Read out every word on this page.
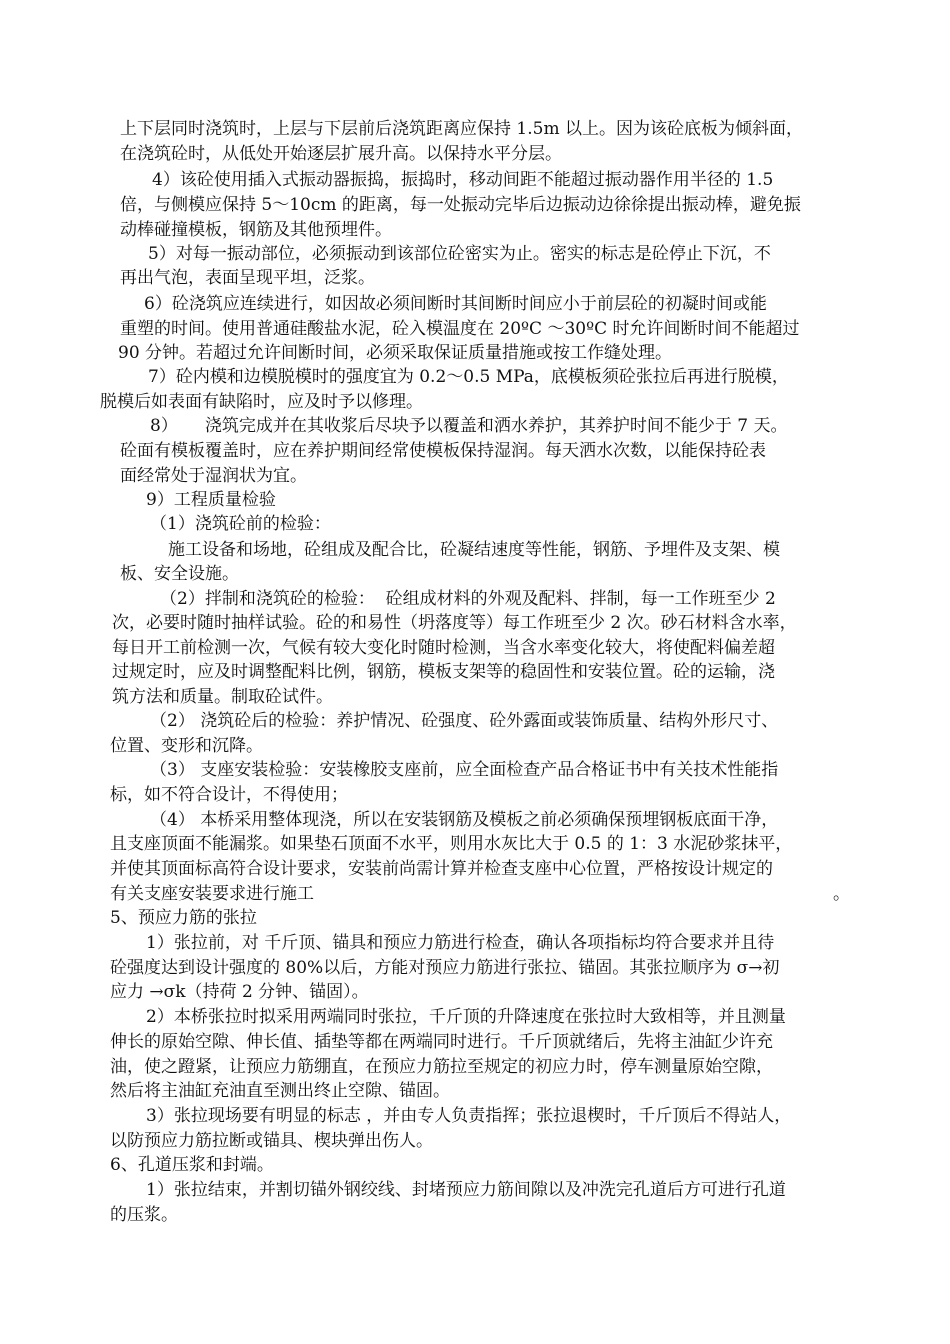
上下层同时浇筑时，上层与下层前后浇筑距离应保持 1.5m 以上。因为该砼底板为倾斜面，
在浇筑砼时，从低处开始逐层扩展升高。以保持水平分层。
4）该砼使用插入式振动器振捣，振捣时，移动间距不能超过振动器作用半径的 1.5
倍，与侧模应保持 5～10cm 的距离，每一处振动完毕后边振动边徐徐提出振动棒，避免振
动棒碰撞模板，钢筋及其他预埋件。
5）对每一振动部位，必须振动到该部位砼密实为止。密实的标志是砼停止下沉，不
再出气泡，表面呈现平坦，泛浆。
6）砼浇筑应连续进行，如因故必须间断时其间断时间应小于前层砼的初凝时间或能
重塑的时间。使用普通硅酸盐水泥，砼入模温度在 20ºC ～30ºC 时允许间断时间不能超过
90 分钟。若超过允许间断时间，必须采取保证质量措施或按工作缝处理。
7）砼内模和边模脱模时的强度宜为 0.2～0.5 MPa，底模板须砼张拉后再进行脱模，
脱模后如表面有缺陷时，应及时予以修理。
8）     浇筑完成并在其收浆后尽块予以覆盖和洒水养护，其养护时间不能少于 7 天。
砼面有模板覆盖时，应在养护期间经常使模板保持湿润。每天洒水次数，以能保持砼表
面经常处于湿润状为宜。
9）工程质量检验
（1）浇筑砼前的检验：
施工设备和场地，砼组成及配合比，砼凝结速度等性能，钢筋、予埋件及支架、模
板、安全设施。
（2）拌制和浇筑砼的检验：  砼组成材料的外观及配料、拌制，每一工作班至少 2
次，必要时随时抽样试验。砼的和易性（坍落度等）每工作班至少 2 次。砂石材料含水率，
每日开工前检测一次，气候有较大变化时随时检测，当含水率变化较大，将使配料偏差超
过规定时，应及时调整配料比例，钢筋，模板支架等的稳固性和安装位置。砼的运输，浇
筑方法和质量。制取砼试件。
（2） 浇筑砼后的检验：养护情况、砼强度、砼外露面或装饰质量、结构外形尺寸、
位置、变形和沉降。
（3） 支座安装检验：安装橡胶支座前，应全面检查产品合格证书中有关技术性能指
标，如不符合设计，不得使用；
（4） 本桥采用整体现浇，所以在安装钢筋及模板之前必须确保预埋钢板底面干净，
且支座顶面不能漏浆。如果垫石顶面不水平，则用水灰比大于 0.5 的 1：3 水泥砂浆抹平，
并使其顶面标高符合设计要求，安装前尚需计算并检查支座中心位置，严格按设计规定的
有关支座安装要求进行施工	。
5、预应力筋的张拉
1）张拉前，对 千斤顶、锚具和预应力筋进行检查，确认各项指标均符合要求并且待
砼强度达到设计强度的 80%以后，方能对预应力筋进行张拉、锚固。其张拉顺序为 σ→初
应力 →σk（持荷 2 分钟、锚固）。
2）本桥张拉时拟采用两端同时张拉，千斤顶的升降速度在张拉时大致相等，并且测量
伸长的原始空隙、伸长值、插垫等都在两端同时进行。千斤顶就绪后，先将主油缸少许充
油，使之蹬紧，让预应力筋绷直，在预应力筋拉至规定的初应力时，停车测量原始空隙，
然后将主油缸充油直至测出终止空隙、锚固。
3）张拉现场要有明显的标志 ，并由专人负责指挥；张拉退楔时，千斤顶后不得站人，
以防预应力筋拉断或锚具、楔块弹出伤人。
6、孔道压浆和封端。
1）张拉结束，并割切锚外钢绞线、封堵预应力筋间隙以及冲洗完孔道后方可进行孔道
的压浆。
